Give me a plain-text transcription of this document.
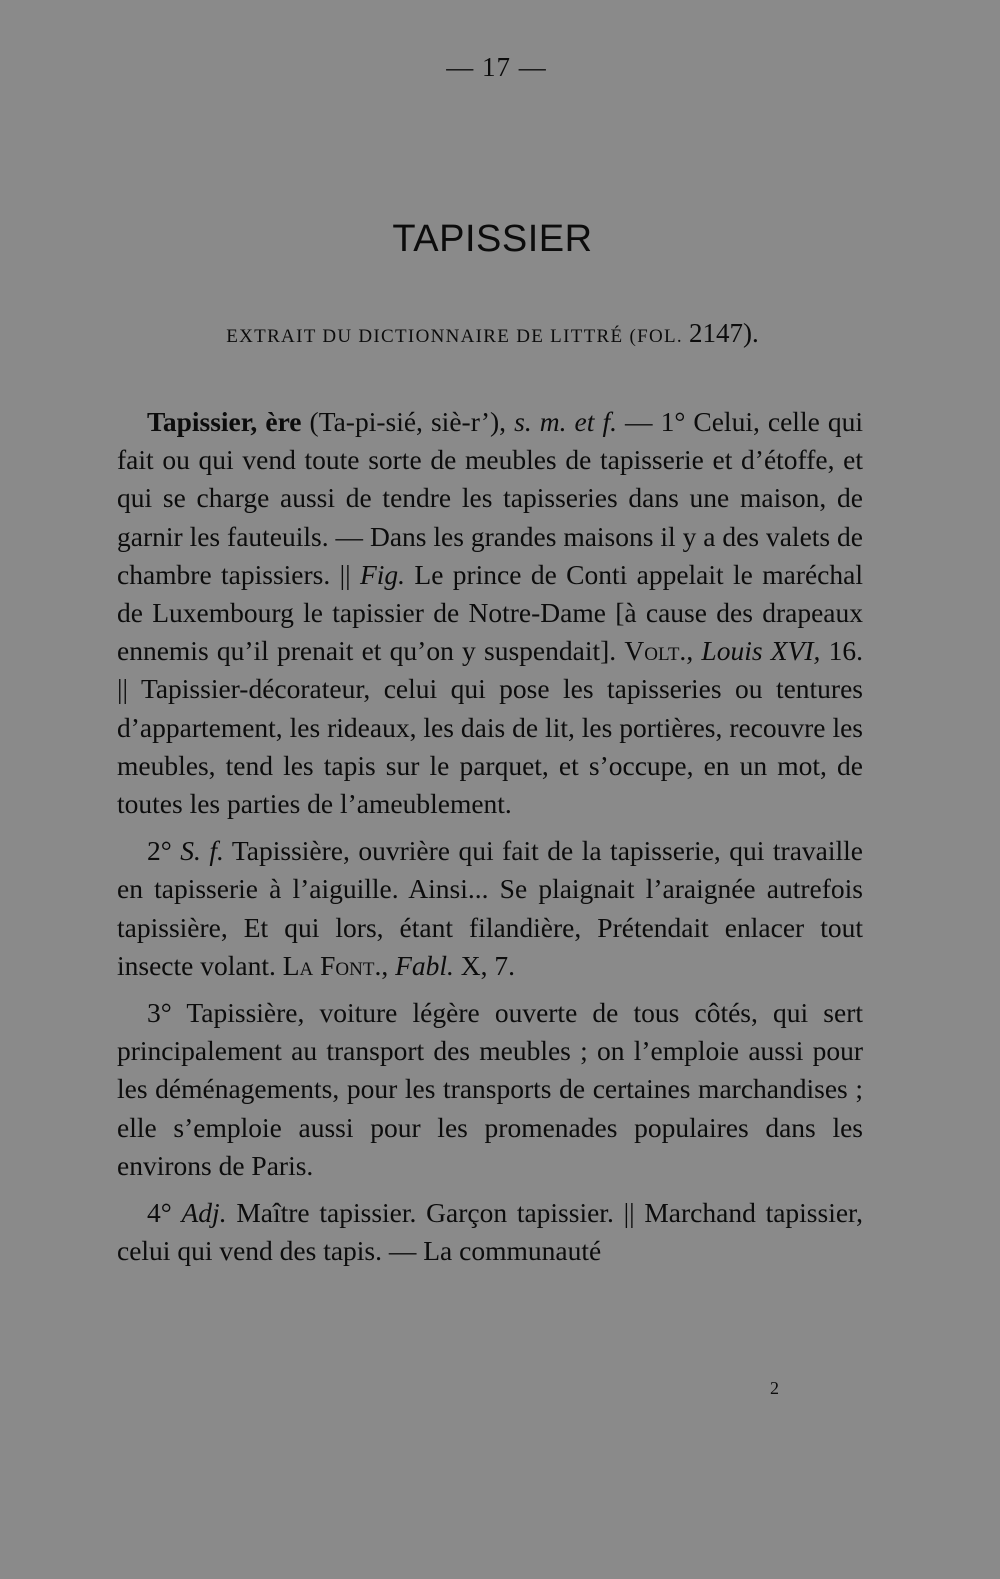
— 17 —
TAPISSIER
EXTRAIT DU DICTIONNAIRE DE LITTRÉ (FOL. 2147).

Tapissier, ère (Ta-pi-sié, siè-r’), s. m. et f. — 1° Celui, celle qui fait ou qui vend toute sorte de meubles de tapisserie et d’étoffe, et qui se charge aussi de tendre les tapisseries dans une maison, de garnir les fauteuils. — Dans les grandes maisons il y a des valets de chambre tapissiers. || Fig. Le prince de Conti appelait le maréchal de Luxembourg le tapissier de Notre-Dame [à cause des drapeaux ennemis qu’il prenait et qu’on y suspendait]. Volt., Louis XVI, 16. || Tapissier-décorateur, celui qui pose les tapisseries ou tentures d’appartement, les rideaux, les dais de lit, les portières, recouvre les meubles, tend les tapis sur le parquet, et s’occupe, en un mot, de toutes les parties de l’ameublement.

2° S. f. Tapissière, ouvrière qui fait de la tapisserie, qui travaille en tapisserie à l’aiguille. Ainsi... Se plaignait l’araignée autrefois tapissière, Et qui lors, étant filandière, Prétendait enlacer tout insecte volant. La Font., Fabl. X, 7.

3° Tapissière, voiture légère ouverte de tous côtés, qui sert principalement au transport des meubles ; on l’emploie aussi pour les déménagements, pour les transports de certaines marchandises ; elle s’emploie aussi pour les promenades populaires dans les environs de Paris.

4° Adj. Maître tapissier. Garçon tapissier. || Marchand tapissier, celui qui vend des tapis. — La communauté

2
